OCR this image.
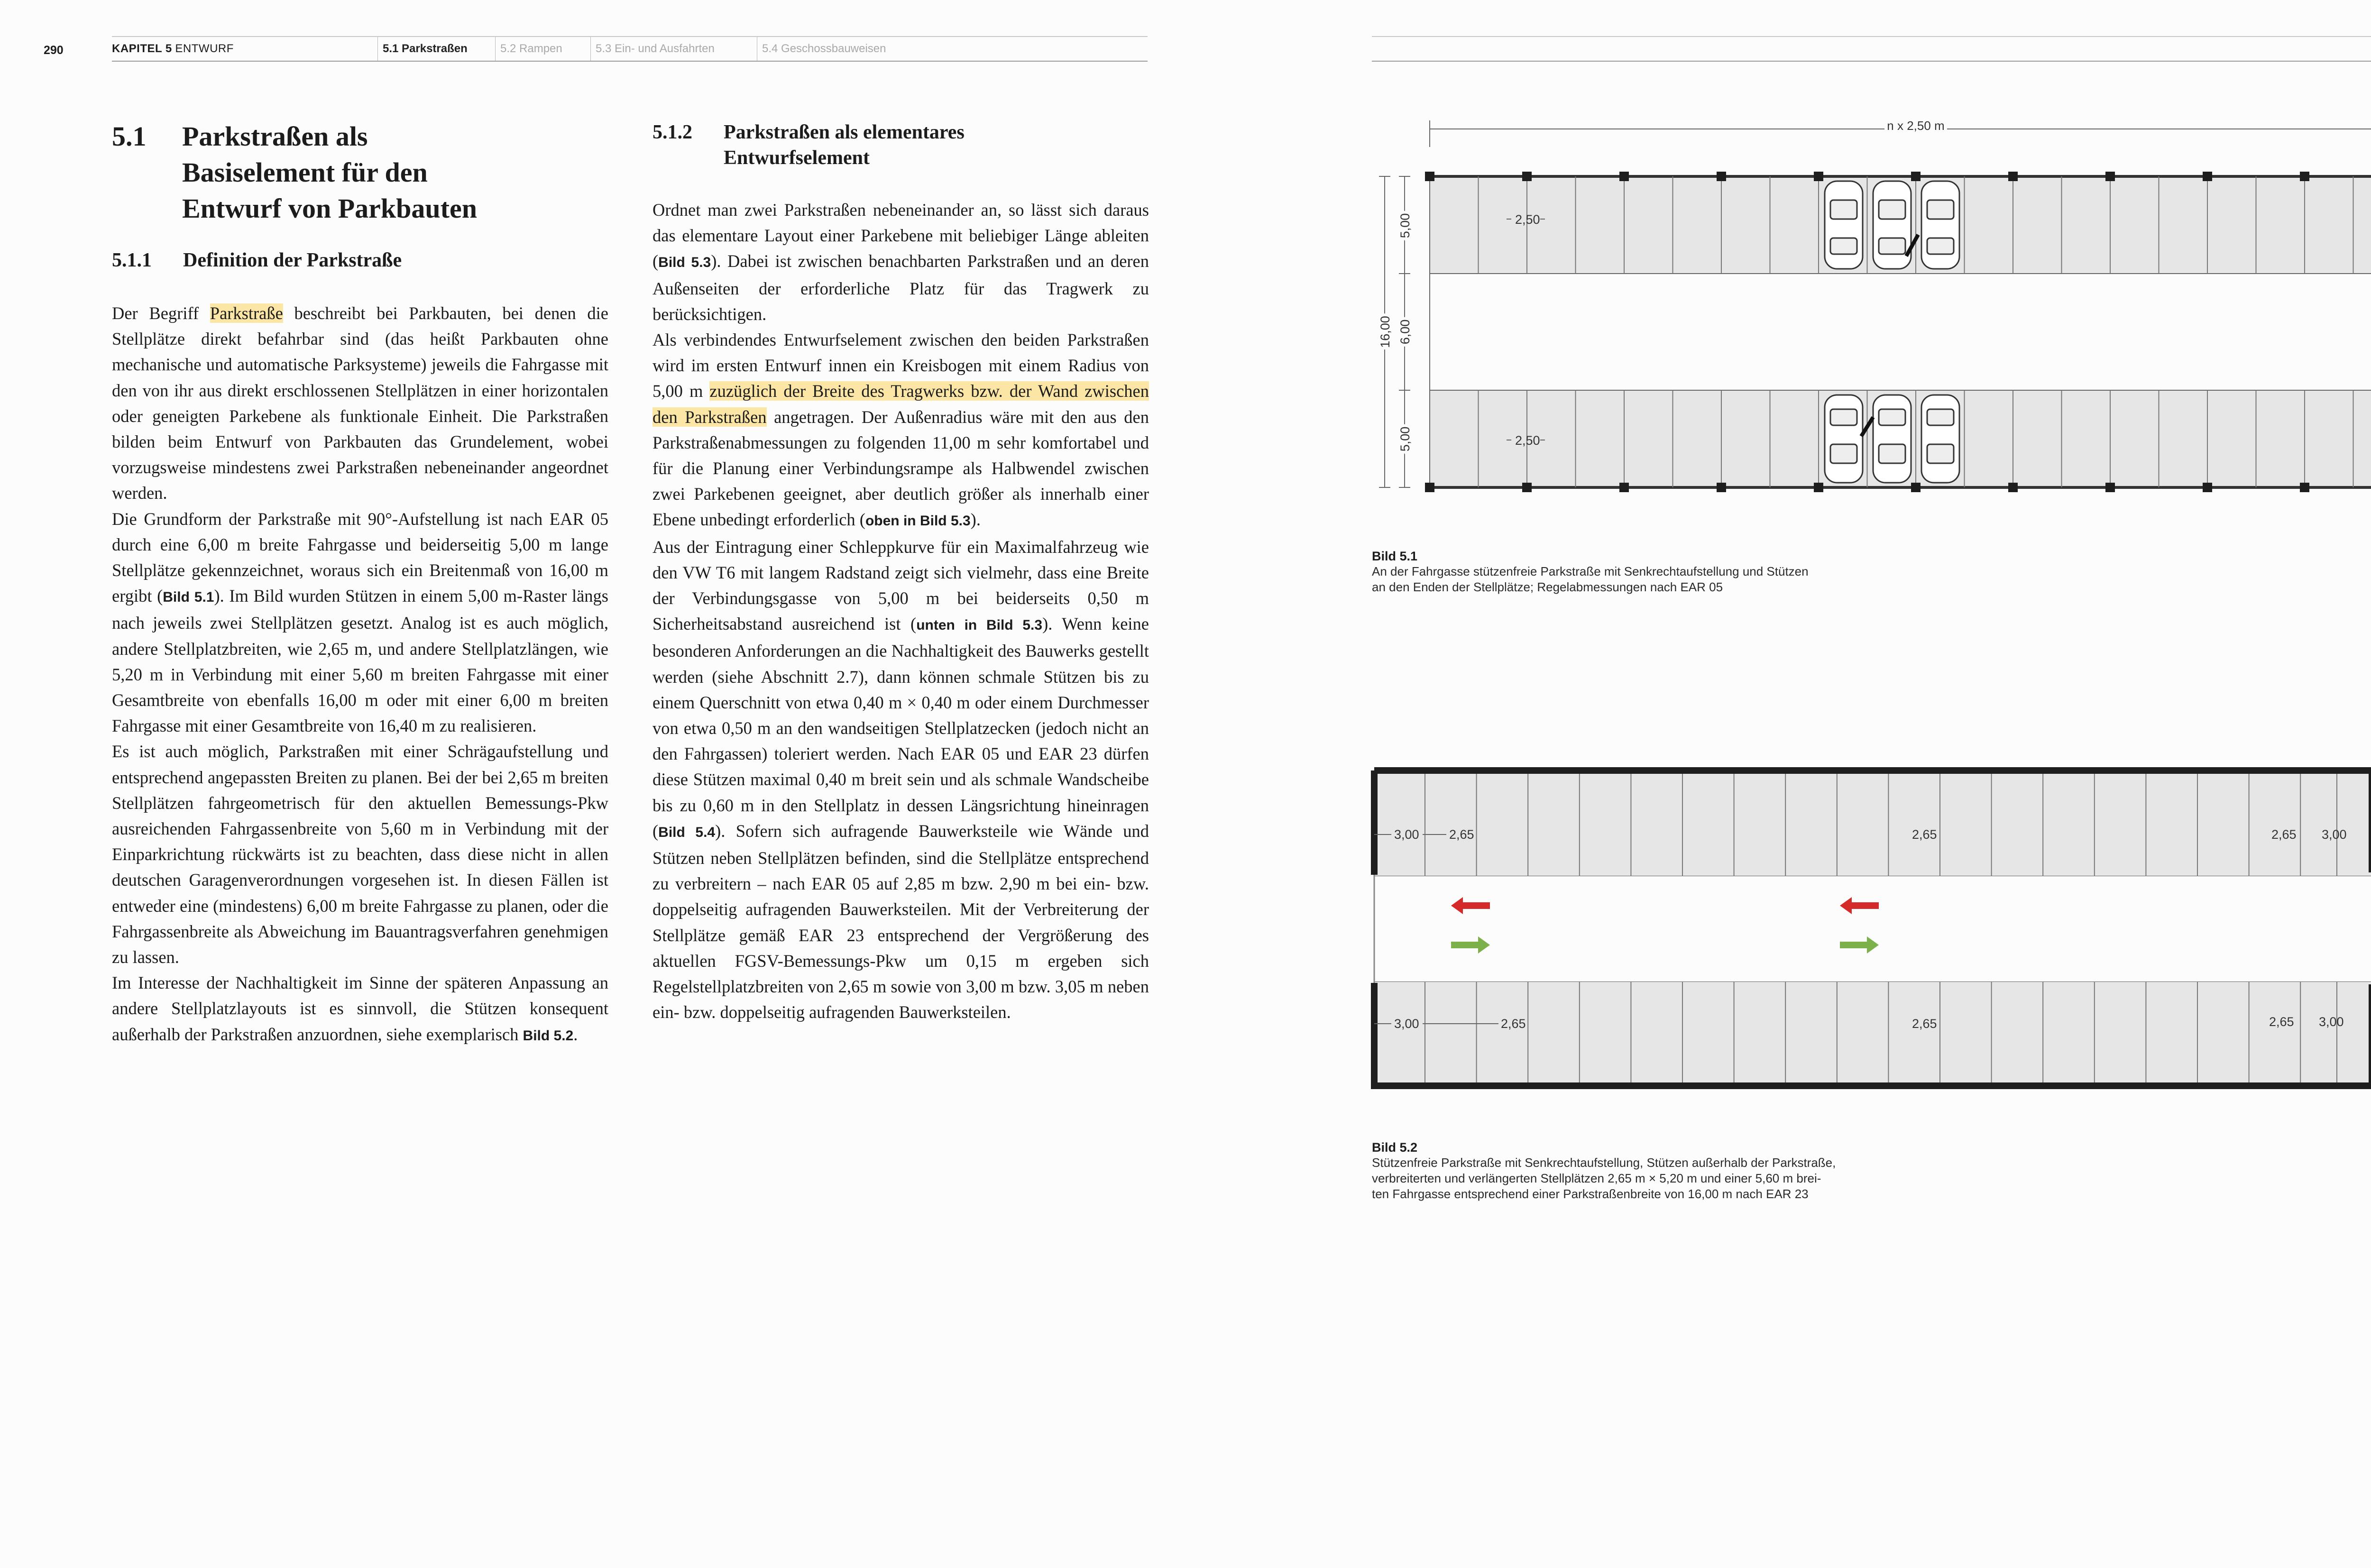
290	KAPITEL 5 ENTWURF	5.1 Parkstraßen	5.2 Rampen	5.3 Ein- und Ausfahrten	5.4 Geschossbauweisen
5.1	Parkstraßen als
Basiselement für den
Entwurf von Parkbauten
5.1.1	Definition der Parkstraße

Der Begriff Parkstraße beschreibt bei Parkbauten, bei denen die Stellplätze direkt befahrbar sind (das heißt Parkbauten ohne mechanische und automatische Parksysteme) jeweils die Fahrgasse mit den von ihr aus direkt erschlossenen Stellplätzen in einer horizontalen oder geneigten Parkebene als funktionale Einheit. Die Parkstraßen bilden beim Entwurf von Parkbauten das Grundelement, wobei vorzugsweise mindestens zwei Parkstraßen nebeneinander angeordnet werden.

Die Grundform der Parkstraße mit 90°-Aufstellung ist nach EAR 05 durch eine 6,00 m breite Fahrgasse und beiderseitig 5,00 m lange Stellplätze gekennzeichnet, woraus sich ein Breitenmaß von 16,00 m ergibt (Bild 5.1). Im Bild wurden Stützen in einem 5,00 m-Raster längs nach jeweils zwei Stellplätzen gesetzt. Analog ist es auch möglich, andere Stellplatzbreiten, wie 2,65 m, und andere Stellplatzlängen, wie 5,20 m in Verbindung mit einer 5,60 m breiten Fahrgasse mit einer Gesamtbreite von ebenfalls 16,00 m oder mit einer 6,00 m breiten Fahrgasse mit einer Gesamtbreite von 16,40 m zu realisieren.

Es ist auch möglich, Parkstraßen mit einer Schrägaufstellung und entsprechend angepassten Breiten zu planen. Bei der bei 2,65 m breiten Stellplätzen fahrgeometrisch für den aktuellen Bemessungs-Pkw ausreichenden Fahrgassenbreite von 5,60 m in Verbindung mit der Einparkrichtung rückwärts ist zu beachten, dass diese nicht in allen deutschen Garagenverordnungen vorgesehen ist. In diesen Fällen ist entweder eine (mindestens) 6,00 m breite Fahrgasse zu planen, oder die Fahrgassenbreite als Abweichung im Bauantragsverfahren genehmigen zu lassen.

Im Interesse der Nachhaltigkeit im Sinne der späteren Anpassung an andere Stellplatzlayouts ist es sinnvoll, die Stützen konsequent außerhalb der Parkstraßen anzuordnen, siehe exemplarisch Bild 5.2.

5.1.2	Parkstraßen als elementares
Entwurfselement

Ordnet man zwei Parkstraßen nebeneinander an, so lässt sich daraus das elementare Layout einer Parkebene mit beliebiger Länge ableiten (Bild 5.3). Dabei ist zwischen benachbarten Parkstraßen und an deren Außenseiten der erforderliche Platz für das Tragwerk zu berücksichtigen.

Als verbindendes Entwurfselement zwischen den beiden Parkstraßen wird im ersten Entwurf innen ein Kreisbogen mit einem Radius von 5,00 m zuzüglich der Breite des Tragwerks bzw. der Wand zwischen den Parkstraßen angetragen. Der Außenradius wäre mit den aus den Parkstraßenabmessungen zu folgenden 11,00 m sehr komfortabel und für die Planung einer Verbindungsrampe als Halbwendel zwischen zwei Parkebenen geeignet, aber deutlich größer als innerhalb einer Ebene unbedingt erforderlich (oben in Bild 5.3).

Aus der Eintragung einer Schleppkurve für ein Maximalfahrzeug wie den VW T6 mit langem Radstand zeigt sich vielmehr, dass eine Breite der Verbindungsgasse von 5,00 m bei beiderseits 0,50 m Sicherheitsabstand ausreichend ist (unten in Bild 5.3). Wenn keine besonderen Anforderungen an die Nachhaltigkeit des Bauwerks gestellt werden (siehe Abschnitt 2.7), dann können schmale Stützen bis zu einem Querschnitt von etwa 0,40 m × 0,40 m oder einem Durchmesser von etwa 0,50 m an den wandseitigen Stellplatzecken (jedoch nicht an den Fahrgassen) toleriert werden. Nach EAR 05 und EAR 23 dürfen diese Stützen maximal 0,40 m breit sein und als schmale Wandscheibe bis zu 0,60 m in den Stellplatz in dessen Längsrichtung hineinragen (Bild 5.4). Sofern sich aufragende Bauwerksteile wie Wände und Stützen neben Stellplätzen befinden, sind die Stellplätze entsprechend zu verbreitern – nach EAR 05 auf 2,85 m bzw. 2,90 m bei ein- bzw. doppelseitig aufragenden Bauwerksteilen. Mit der Verbreiterung der Stellplätze gemäß EAR 23 entsprechend der Vergrößerung des aktuellen FGSV-Bemessungs-Pkw um 0,15 m ergeben sich Regelstellplatzbreiten von 2,65 m sowie von 3,00 m bzw. 3,05 m neben ein- bzw. doppelseitig aufragenden Bauwerksteilen.

n x 2,50 m
2,50
2,50
5,00
6,00
5,00
16,00
Bild 5.1
An der Fahrgasse stützenfreie Parkstraße mit Senkrechtaufstellung und Stützen
an den Enden der Stellplätze; Regelabmessungen nach EAR 05
3,00 2,65	2,65	2,65 3,00
3,00	2,65	2,65	2,65 3,00
Bild 5.2
Stützenfreie Parkstraße mit Senkrechtaufstellung, Stützen außerhalb der Parkstraße,
verbreiterten und verlängerten Stellplätzen 2,65 m × 5,20 m und einer 5,60 m brei-
ten Fahrgasse entsprechend einer Parkstraßenbreite von 16,00 m nach EAR 23
